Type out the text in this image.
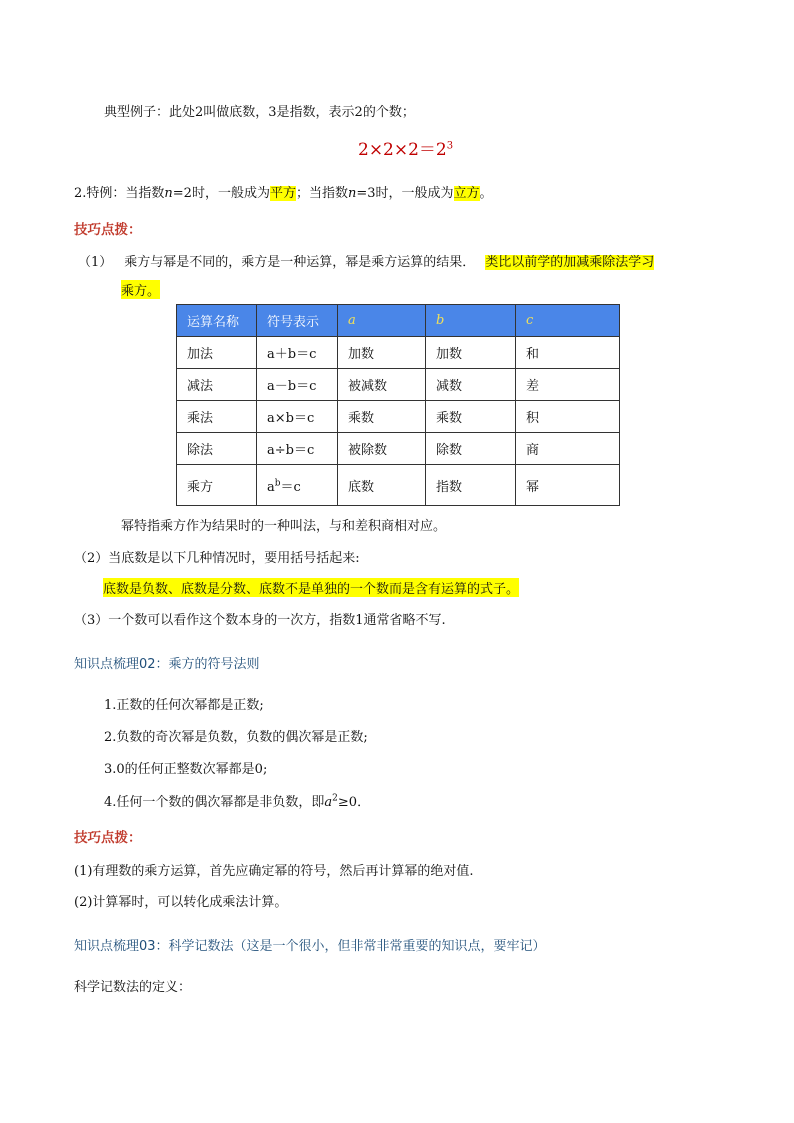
典型例子：此处2叫做底数，3是指数，表示2的个数；
$2\times 2\times 2=2^3$
2.特例：当指数n=2时，一般成为平方；当指数n=3时，一般成为立方。
技巧点拨：
（1） 乘方与幂是不同的，乘方是一种运算，幂是乘方运算的结果． 类比以前学的加减乘除法学习
乘方。
运算名称	符号表示	a	b	c
加法	a＋b＝c	加数	加数	和
减法	a－b＝c	被减数	减数	差
乘法	a×b＝c	乘数	乘数	积
除法	a÷b＝c	被除数	除数	商
乘方	$a^b=c$	底数	指数	幂
幂特指乘方作为结果时的一种叫法，与和差积商相对应。
（2）当底数是以下几种情况时，要用括号括起来:
底数是负数、底数是分数、底数不是单独的一个数而是含有运算的式子。
（3）一个数可以看作这个数本身的一次方，指数1通常省略不写.
知识点梳理02：乘方的符号法则
1.正数的任何次幂都是正数;
2.负数的奇次幂是负数，负数的偶次幂是正数;
3.0的任何正整数次幂都是0;
4.任何一个数的偶次幂都是非负数，即$a^2\ge 0$．
技巧点拨：
(1)有理数的乘方运算，首先应确定幂的符号，然后再计算幂的绝对值.
(2)计算幂时，可以转化成乘法计算。
知识点梳理03：科学记数法（这是一个很小，但非常非常重要的知识点，要牢记）
科学记数法的定义：
